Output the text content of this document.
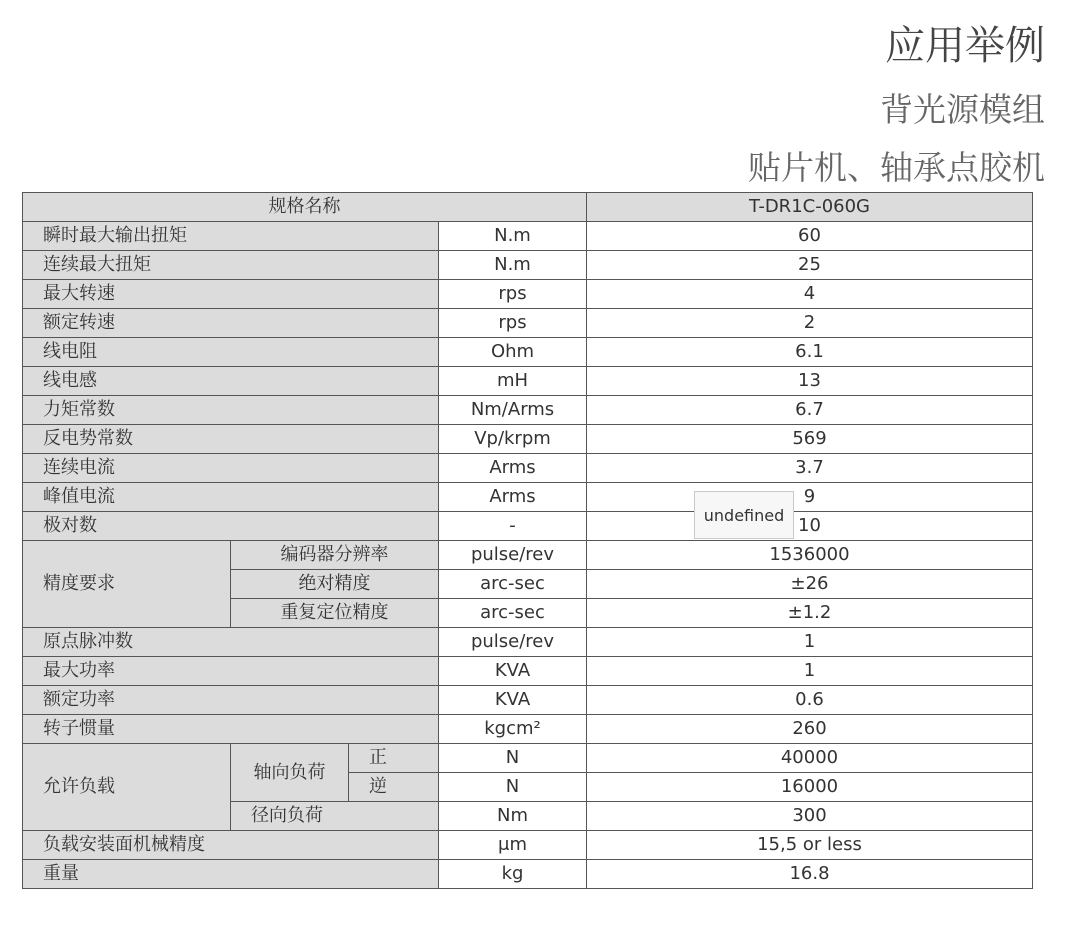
应用举例
背光源模组
贴片机、轴承点胶机
规格名称				T-DR1C-060G
瞬时最大输出扭矩			N.m	60
连续最大扭矩			N.m	25
最大转速			rps	4
额定转速			rps	2
线电阻			Ohm	6.1
线电感			mH	13
力矩常数			Nm/Arms	6.7
反电势常数			Vp/krpm	569
连续电流			Arms	3.7
峰值电流			Arms	9
极对数			-	10
精度要求	编码器分辨率		pulse/rev	1536000
	绝对精度		arc-sec	±26
	重复定位精度		arc-sec	±1.2
原点脉冲数			pulse/rev	1
最大功率			KVA	1
额定功率			KVA	0.6
转子惯量			kgcm²	260
允许负载	轴向负荷	正	N	40000
		逆	N	16000
	径向负荷		Nm	300
负载安装面机械精度			μm	15,5 or less
重量			kg	16.8
undefined
